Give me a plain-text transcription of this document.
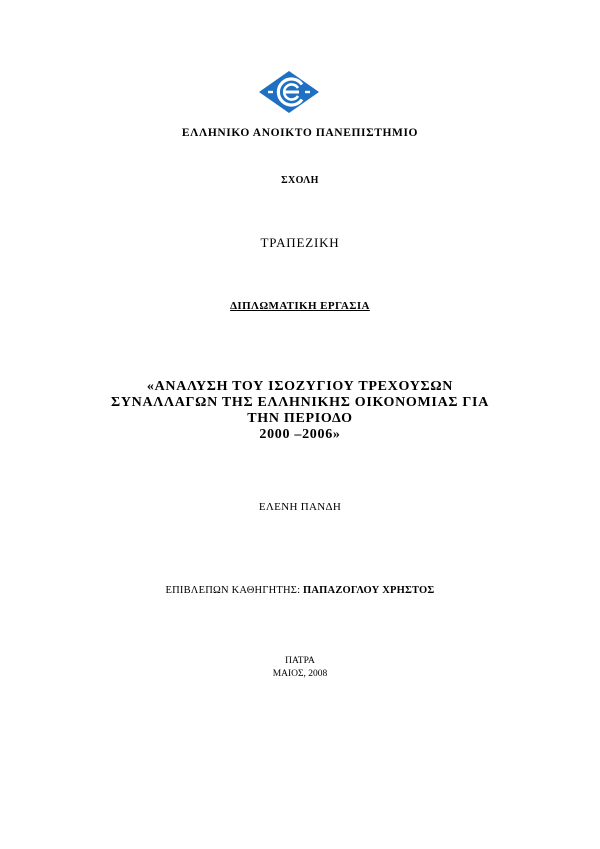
ΕΛΛΗΝΙΚΟ ΑΝΟΙΚΤΟ ΠΑΝΕΠΙΣΤΗΜΙΟ
ΣΧΟΛΗ
ΤΡΑΠΕΖΙΚΗ
ΔΙΠΛΩΜΑΤΙΚΗ ΕΡΓΑΣΙΑ
«ΑΝΑΛΥΣΗ ΤΟΥ ΙΣΟΖΥΓΙΟΥ ΤΡΕΧΟΥΣΩΝ
ΣΥΝΑΛΛΑΓΩΝ ΤΗΣ ΕΛΛΗΝΙΚΗΣ ΟΙΚΟΝΟΜΙΑΣ ΓΙΑ
ΤΗΝ ΠΕΡΙΟΔΟ
2000 –2006»
ΕΛΕΝΗ ΠΑΝΔΗ
ΕΠΙΒΛΕΠΩΝ ΚΑΘΗΓΗΤΗΣ: ΠΑΠΑΖΟΓΛΟΥ ΧΡΗΣΤΟΣ
ΠΑΤΡΑ
ΜΑΙΟΣ, 2008
